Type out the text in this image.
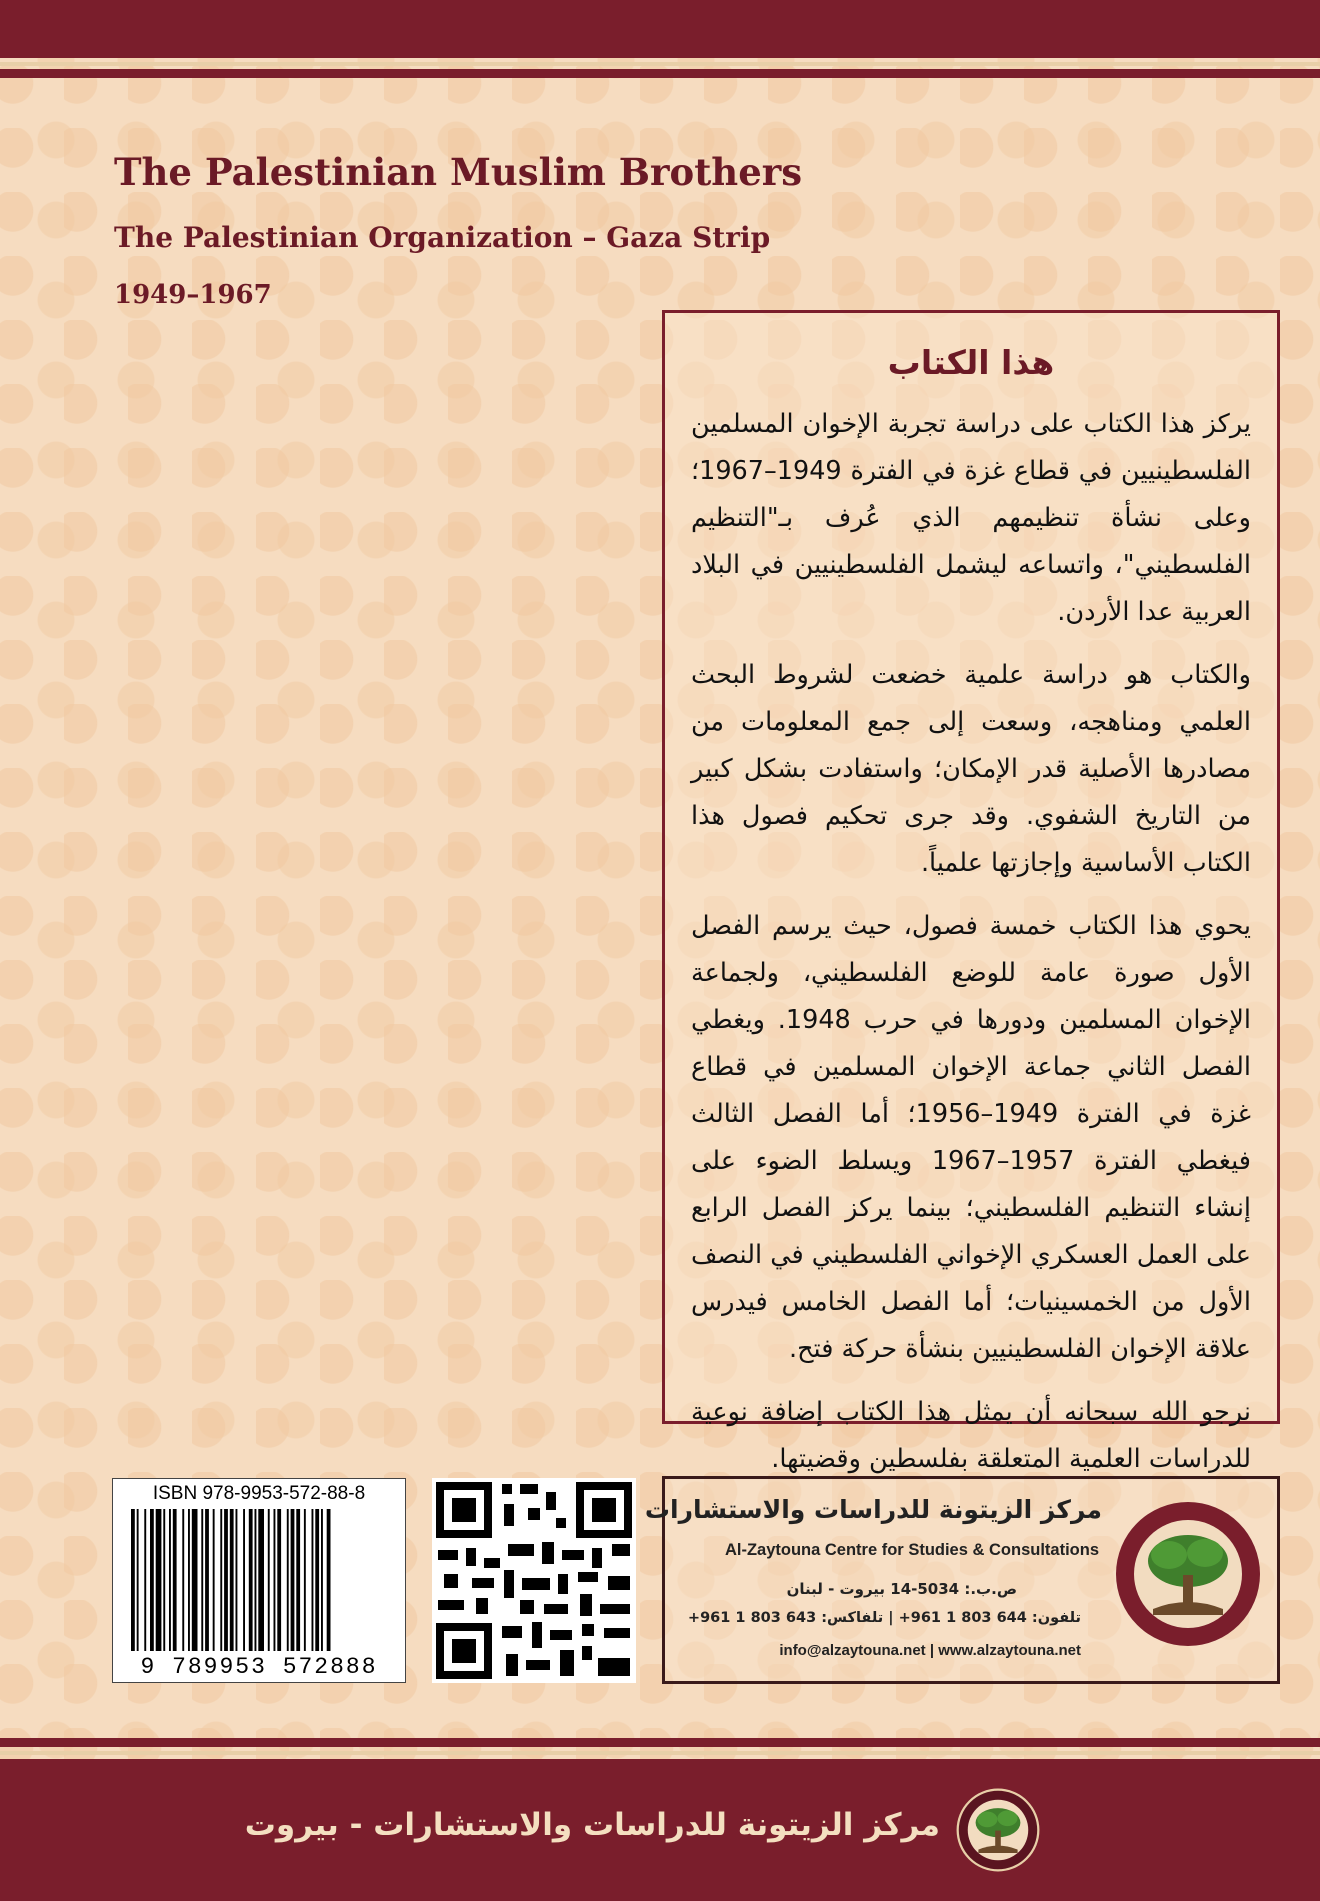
The Palestinian Muslim Brothers
The Palestinian Organization – Gaza Strip
1949–1967
هذا الكتاب

يركز هذا الكتاب على دراسة تجربة الإخوان المسلمين الفلسطينيين في قطاع غزة في الفترة 1949–1967؛ وعلى نشأة تنظيمهم الذي عُرف بـ"التنظيم الفلسطيني"، واتساعه ليشمل الفلسطينيين في البلاد العربية عدا الأردن.

والكتاب هو دراسة علمية خضعت لشروط البحث العلمي ومناهجه، وسعت إلى جمع المعلومات من مصادرها الأصلية قدر الإمكان؛ واستفادت بشكل كبير من التاريخ الشفوي. وقد جرى تحكيم فصول هذا الكتاب الأساسية وإجازتها علمياً.

يحوي هذا الكتاب خمسة فصول، حيث يرسم الفصل الأول صورة عامة للوضع الفلسطيني، ولجماعة الإخوان المسلمين ودورها في حرب 1948. ويغطي الفصل الثاني جماعة الإخوان المسلمين في قطاع غزة في الفترة 1949–1956؛ أما الفصل الثالث فيغطي الفترة 1957–1967 ويسلط الضوء على إنشاء التنظيم الفلسطيني؛ بينما يركز الفصل الرابع على العمل العسكري الإخواني الفلسطيني في النصف الأول من الخمسينيات؛ أما الفصل الخامس فيدرس علاقة الإخوان الفلسطينيين بنشأة حركة فتح.

نرجو الله سبحانه أن يمثل هذا الكتاب إضافة نوعية للدراسات العلمية المتعلقة بفلسطين وقضيتها.

ISBN 978-9953-572-88-8
9 789953 572888
مركز الزيتونة للدراسات والاستشارات
Al-Zaytouna Centre for Studies & Consultations
ص.ب.: 5034-14 بيروت - لبنان
تلفون: 644 803 1 961+ | تلفاكس: 643 803 1 961+
info@alzaytouna.net | www.alzaytouna.net
مركز الزيتونة للدراسات والاستشارات - بيروت
